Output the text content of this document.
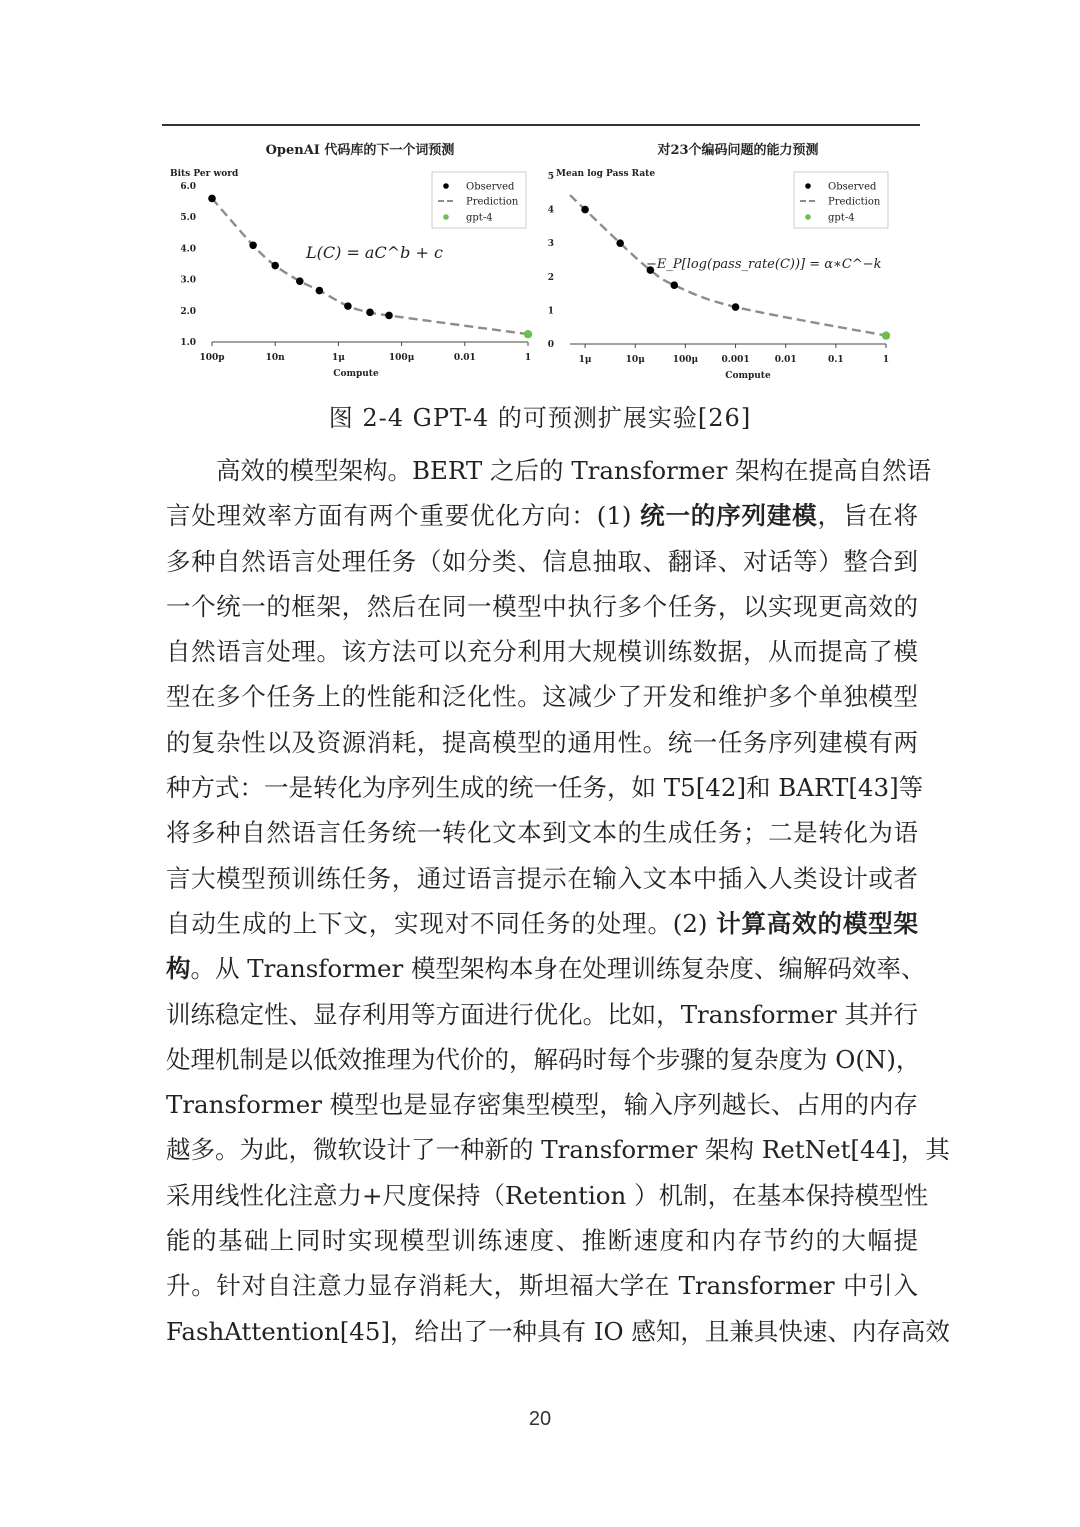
OpenAI 代码库的下一个词预测
Bits Per word
1.0
2.0
3.0
4.0
5.0
6.0
100p	10n	1μ	100μ	0.01	1
Compute
L(C) = aC^b + c
Observed
Prediction
gpt-4
对23个编码问题的能力预测
Mean log Pass Rate
0
1
2
3
4
5
1μ	10μ	100μ	0.001	0.01	0.1	1
Compute
−E_P[log(pass_rate(C))] = α∗C^−k
Observed
Prediction
gpt-4
图 2-4 GPT-4 的可预测扩展实验[26]
高效的模型架构。BERT 之后的 Transformer 架构在提高自然语
言处理效率方面有两个重要优化方向：(1) 统一的序列建模，旨在将
多种自然语言处理任务（如分类、信息抽取、翻译、对话等）整合到
一个统一的框架，然后在同一模型中执行多个任务，以实现更高效的
自然语言处理。该方法可以充分利用大规模训练数据，从而提高了模
型在多个任务上的性能和泛化性。这减少了开发和维护多个单独模型
的复杂性以及资源消耗，提高模型的通用性。统一任务序列建模有两
种方式：一是转化为序列生成的统一任务，如 T5[42]和 BART[43]等
将多种自然语言任务统一转化文本到文本的生成任务；二是转化为语
言大模型预训练任务，通过语言提示在输入文本中插入人类设计或者
自动生成的上下文，实现对不同任务的处理。(2) 计算高效的模型架
构。从 Transformer 模型架构本身在处理训练复杂度、编解码效率、
训练稳定性、显存利用等方面进行优化。比如，Transformer 其并行
处理机制是以低效推理为代价的，解码时每个步骤的复杂度为 O(N)，
Transformer 模型也是显存密集型模型，输入序列越长、占用的内存
越多。为此，微软设计了一种新的 Transformer 架构 RetNet[44]，其
采用线性化注意力+尺度保持（Retention ）机制，在基本保持模型性
能的基础上同时实现模型训练速度、推断速度和内存节约的大幅提
升。针对自注意力显存消耗大，斯坦福大学在 Transformer 中引入
FashAttention[45]，给出了一种具有 IO 感知，且兼具快速、内存高效
20
